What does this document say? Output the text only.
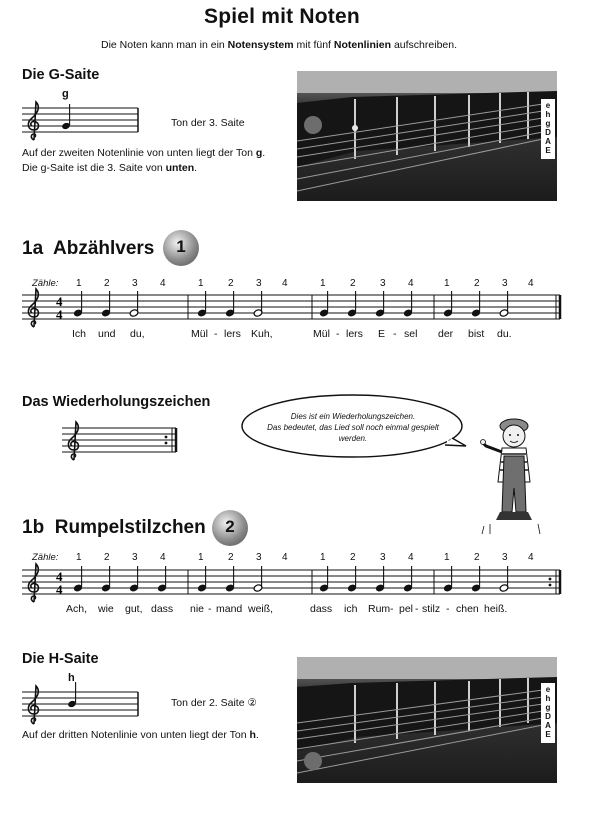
Spiel mit Noten
Die Noten kann man in ein Notensystem mit fünf Notenlinien aufschreiben.
Die G-Saite
g
Ton der 3. Saite
Auf der zweiten Notenlinie von unten liegt der Ton g.
Die g-Saite ist die 3. Saite von unten.
e
h
g
D
A
E
1a Abzählvers	1
Zähle: 1 2 3 4	1 2 3 4	1 2 3 4	1 2 3 4
4
4
Ich und du,	Mül - lers Kuh,	Mül - lers E - sel der bist du.
Das Wiederholungszeichen
Dies ist ein Wiederholungszeichen.
Das bedeutet, das Lied soll noch einmal gespielt
werden.
1b Rumpelstilzchen	2
Zähle: 1 2 3 4	1 2 3 4	1 2 3 4	1 2 3 4
4
4
Ach, wie gut, dass nie - mand weiß,	dass ich Rum - pel - stilz - chen heiß.
Die H-Saite
h
Ton der 2. Saite ②
Auf der dritten Notenlinie von unten liegt der Ton h.
e
h
g
D
A
E
